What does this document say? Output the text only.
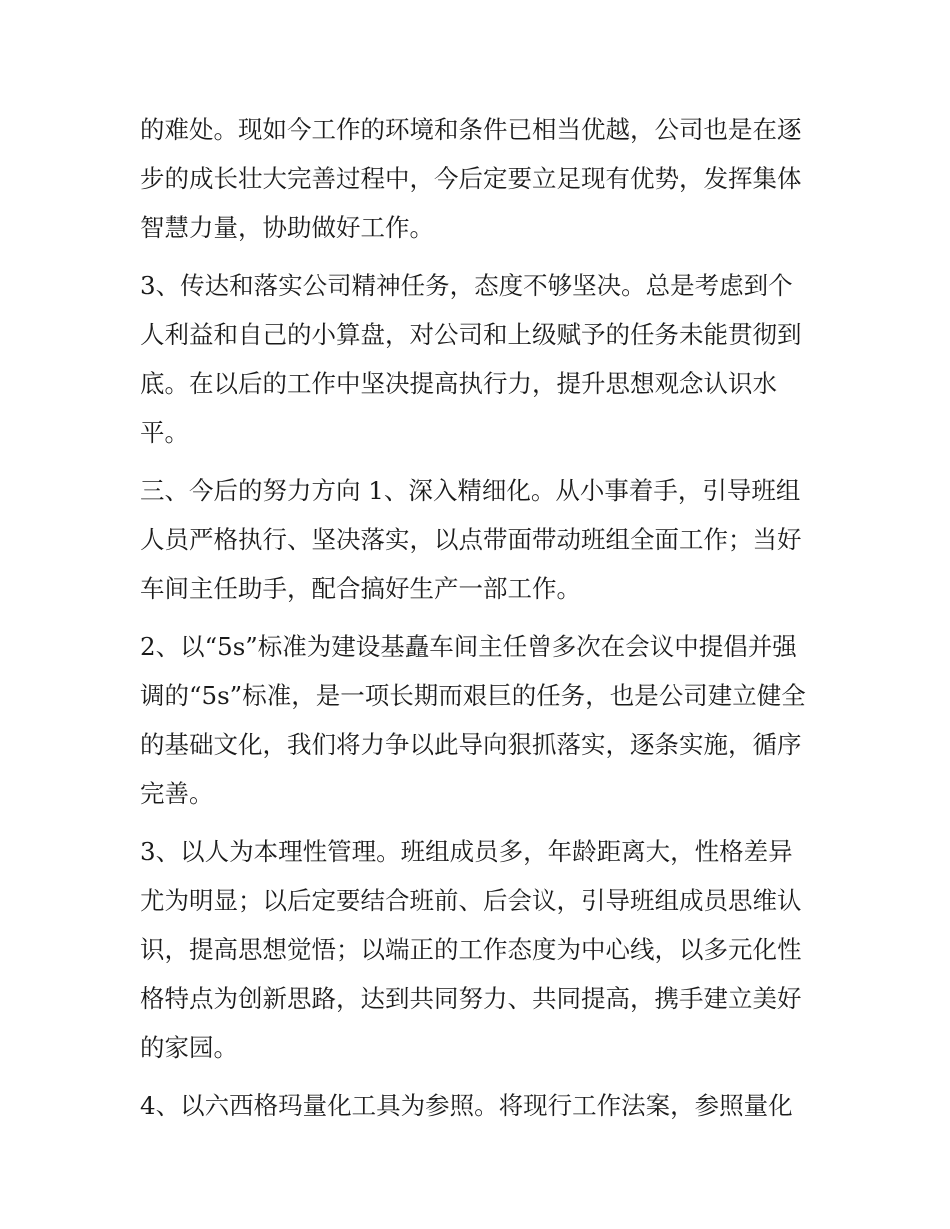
的难处。现如今工作的环境和条件已相当优越，公司也是在逐
步的成长壮大完善过程中，今后定要立足现有优势，发挥集体
智慧力量，协助做好工作。
3、传达和落实公司精神任务，态度不够坚决。总是考虑到个
人利益和自己的小算盘，对公司和上级赋予的任务未能贯彻到
底。在以后的工作中坚决提高执行力，提升思想观念认识水
平。
三、今后的努力方向 1、深入精细化。从小事着手，引导班组
人员严格执行、坚决落实，以点带面带动班组全面工作；当好
车间主任助手，配合搞好生产一部工作。
2、以“5s”标准为建设基矗车间主任曾多次在会议中提倡并强
调的“5s”标准，是一项长期而艰巨的任务，也是公司建立健全
的基础文化，我们将力争以此导向狠抓落实，逐条实施，循序
完善。
3、以人为本理性管理。班组成员多，年龄距离大，性格差异
尤为明显；以后定要结合班前、后会议，引导班组成员思维认
识，提高思想觉悟；以端正的工作态度为中心线，以多元化性
格特点为创新思路，达到共同努力、共同提高，携手建立美好
的家园。
4、以六西格玛量化工具为参照。将现行工作法案，参照量化
